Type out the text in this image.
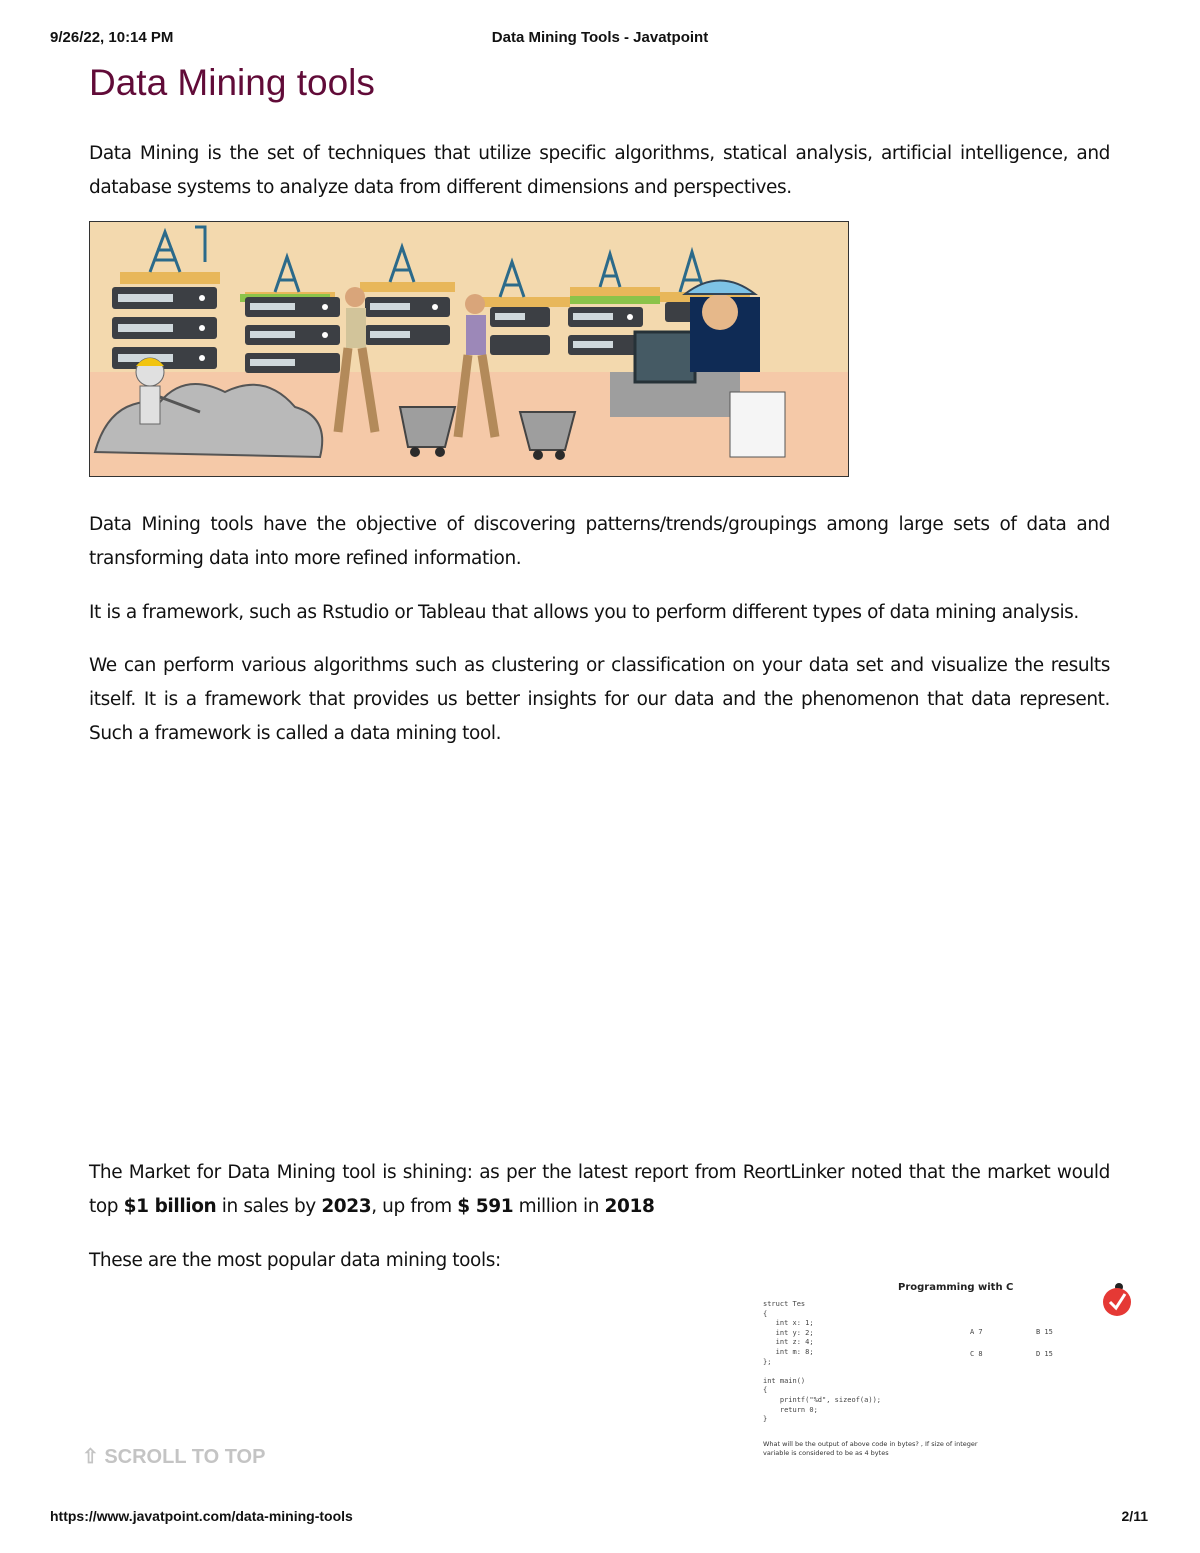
9/26/22, 10:14 PM	Data Mining Tools - Javatpoint
Data Mining tools

Data Mining is the set of techniques that utilize specific algorithms, statical analysis, artificial intelligence, and database systems to analyze data from different dimensions and perspectives.

Data Mining tools have the objective of discovering patterns/trends/groupings among large sets of data and transforming data into more refined information.

It is a framework, such as Rstudio or Tableau that allows you to perform different types of data mining analysis.

We can perform various algorithms such as clustering or classification on your data set and visualize the results itself. It is a framework that provides us better insights for our data and the phenomenon that data represent. Such a framework is called a data mining tool.

The Market for Data Mining tool is shining: as per the latest report from ReortLinker noted that the market would top $1 billion in sales by 2023, up from $ 591 million in 2018

These are the most popular data mining tools:

Programming with C
struct Tes
{
int x: 1;
int y: 2;
int z: 4;
int m: 8;
};

int main()
{
printf("%d", sizeof(a));
return 0;
}
A 7	B 15
C 8	D 15
What will be the output of above code in bytes? , If size of integer variable is considered to be as 4 bytes
⇧ SCROLL TO TOP
https://www.javatpoint.com/data-mining-tools	2/11
